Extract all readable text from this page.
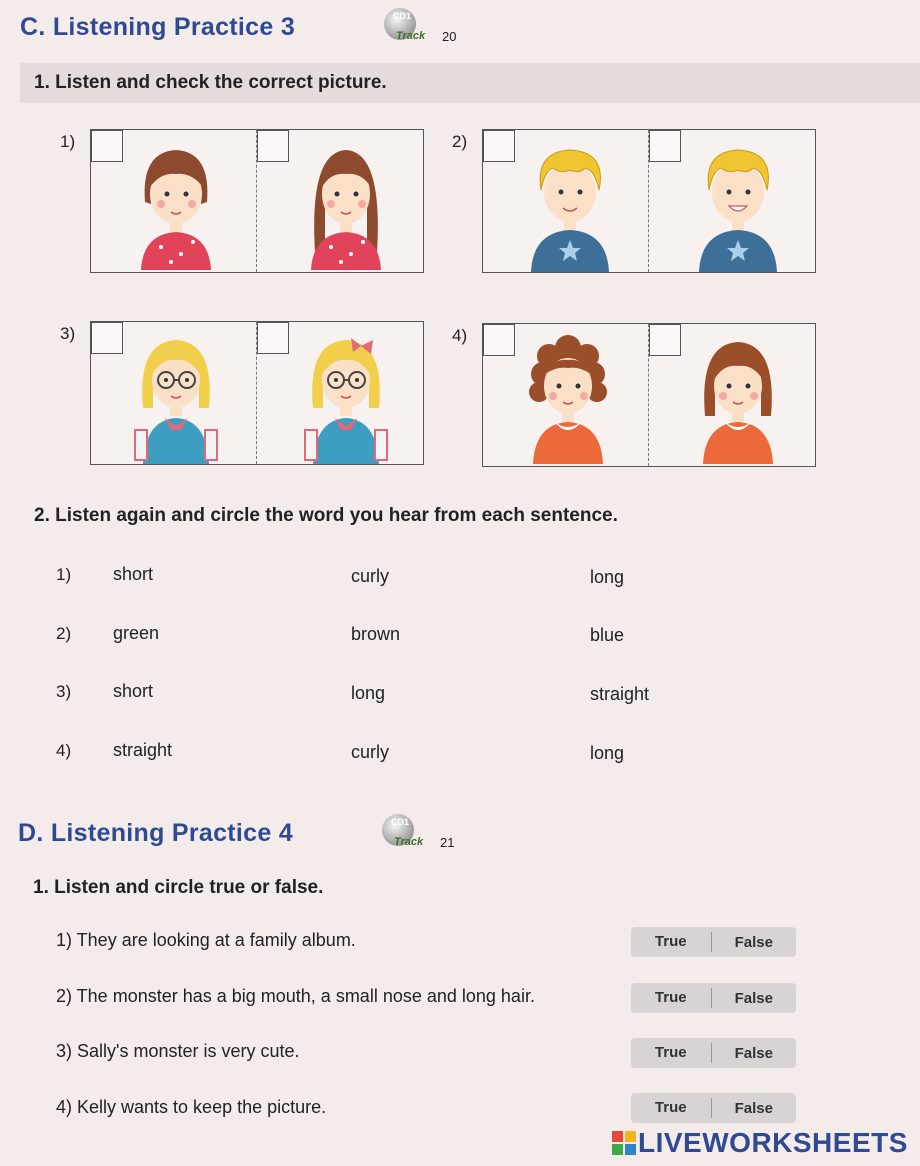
C. Listening Practice 3	CD1
Track 20
1. Listen and check the correct picture.
1)	2)
3)	4)
2. Listen again and circle the word you hear from each sentence.
1) short	curly	long
2) green	brown	blue
3) short	long	straight
4) straight	curly	long
D. Listening Practice 4	CD1
Track 21
1. Listen and circle true or false.
1) They are looking at a family album.	True	False
2) The monster has a big mouth, a small nose and long hair.	True	False
3) Sally's monster is very cute.	True	False
4) Kelly wants to keep the picture.	True	False
LIVEWORKSHEETS
